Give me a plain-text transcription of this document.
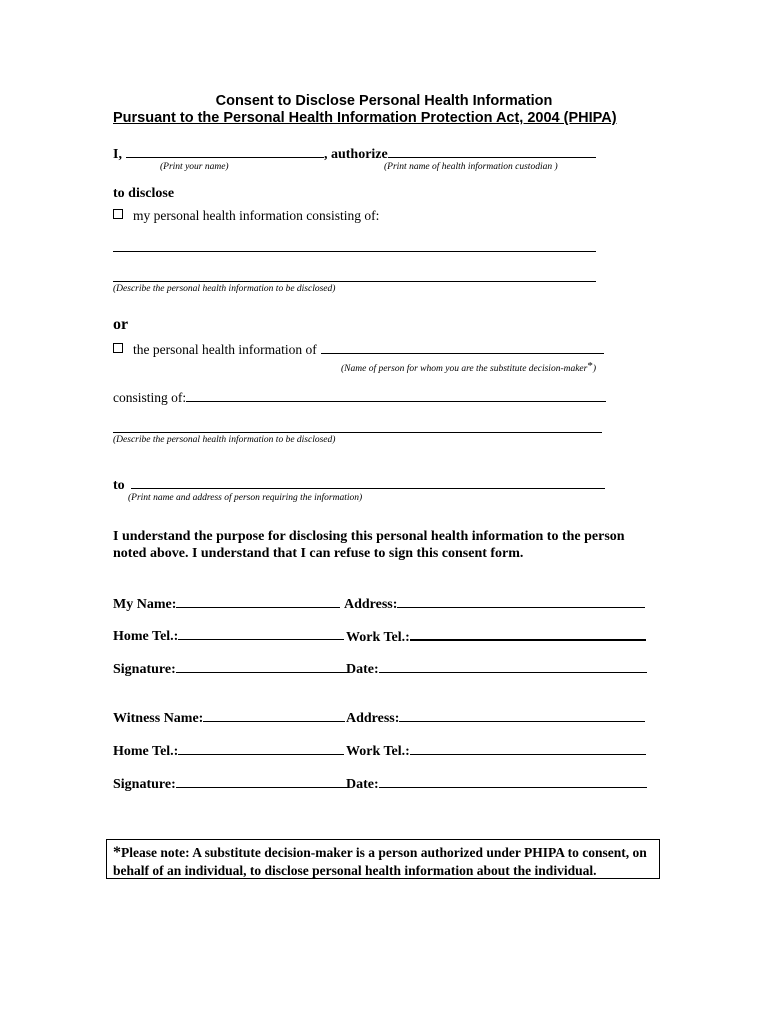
Consent to Disclose Personal Health Information
Pursuant to the Personal Health Information Protection Act, 2004 (PHIPA)
I,	, authorize
(Print your name)	(Print name of health information custodian )
to disclose
my personal health information consisting of:
(Describe the personal health information to be disclosed)
or
the personal health information of
(Name of person for whom you are the substitute decision-maker*)
consisting of:
(Describe the personal health information to be disclosed)
to
(Print name and address of person requiring the information)
I understand the purpose for disclosing this personal health information to the person
noted above. I understand that I can refuse to sign this consent form.
My Name:	Address:
Home Tel.:	Work Tel.:
Signature:	Date:
Witness Name:	Address:
Home Tel.:	Work Tel.:
Signature:	Date:
*Please note: A substitute decision-maker is a person authorized under PHIPA to consent, on behalf of an individual, to disclose personal health information about the individual.
